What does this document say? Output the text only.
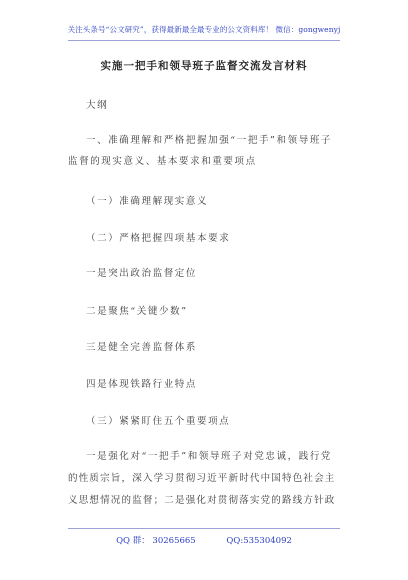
关注头条号“公文研究”，获得最新最全最专业的公文资料库！ 微信：gongwenyj
实施一把手和领导班子监督交流发言材料
大纲
一、准确理解和严格把握加强“一把手”和领导班子
监督的现实意义、基本要求和重要项点
（一）准确理解现实意义
（二）严格把握四项基本要求
一是突出政治监督定位
二是聚焦“关键少数”
三是健全完善监督体系
四是体现铁路行业特点
（三）紧紧盯住五个重要项点
一是强化对“一把手”和领导班子对党忠诚，践行党
的性质宗旨，深入学习贯彻习近平新时代中国特色社会主
义思想情况的监督；二是强化对贯彻落实党的路线方针政
QQ 群： 30265665	QQ:535304092
